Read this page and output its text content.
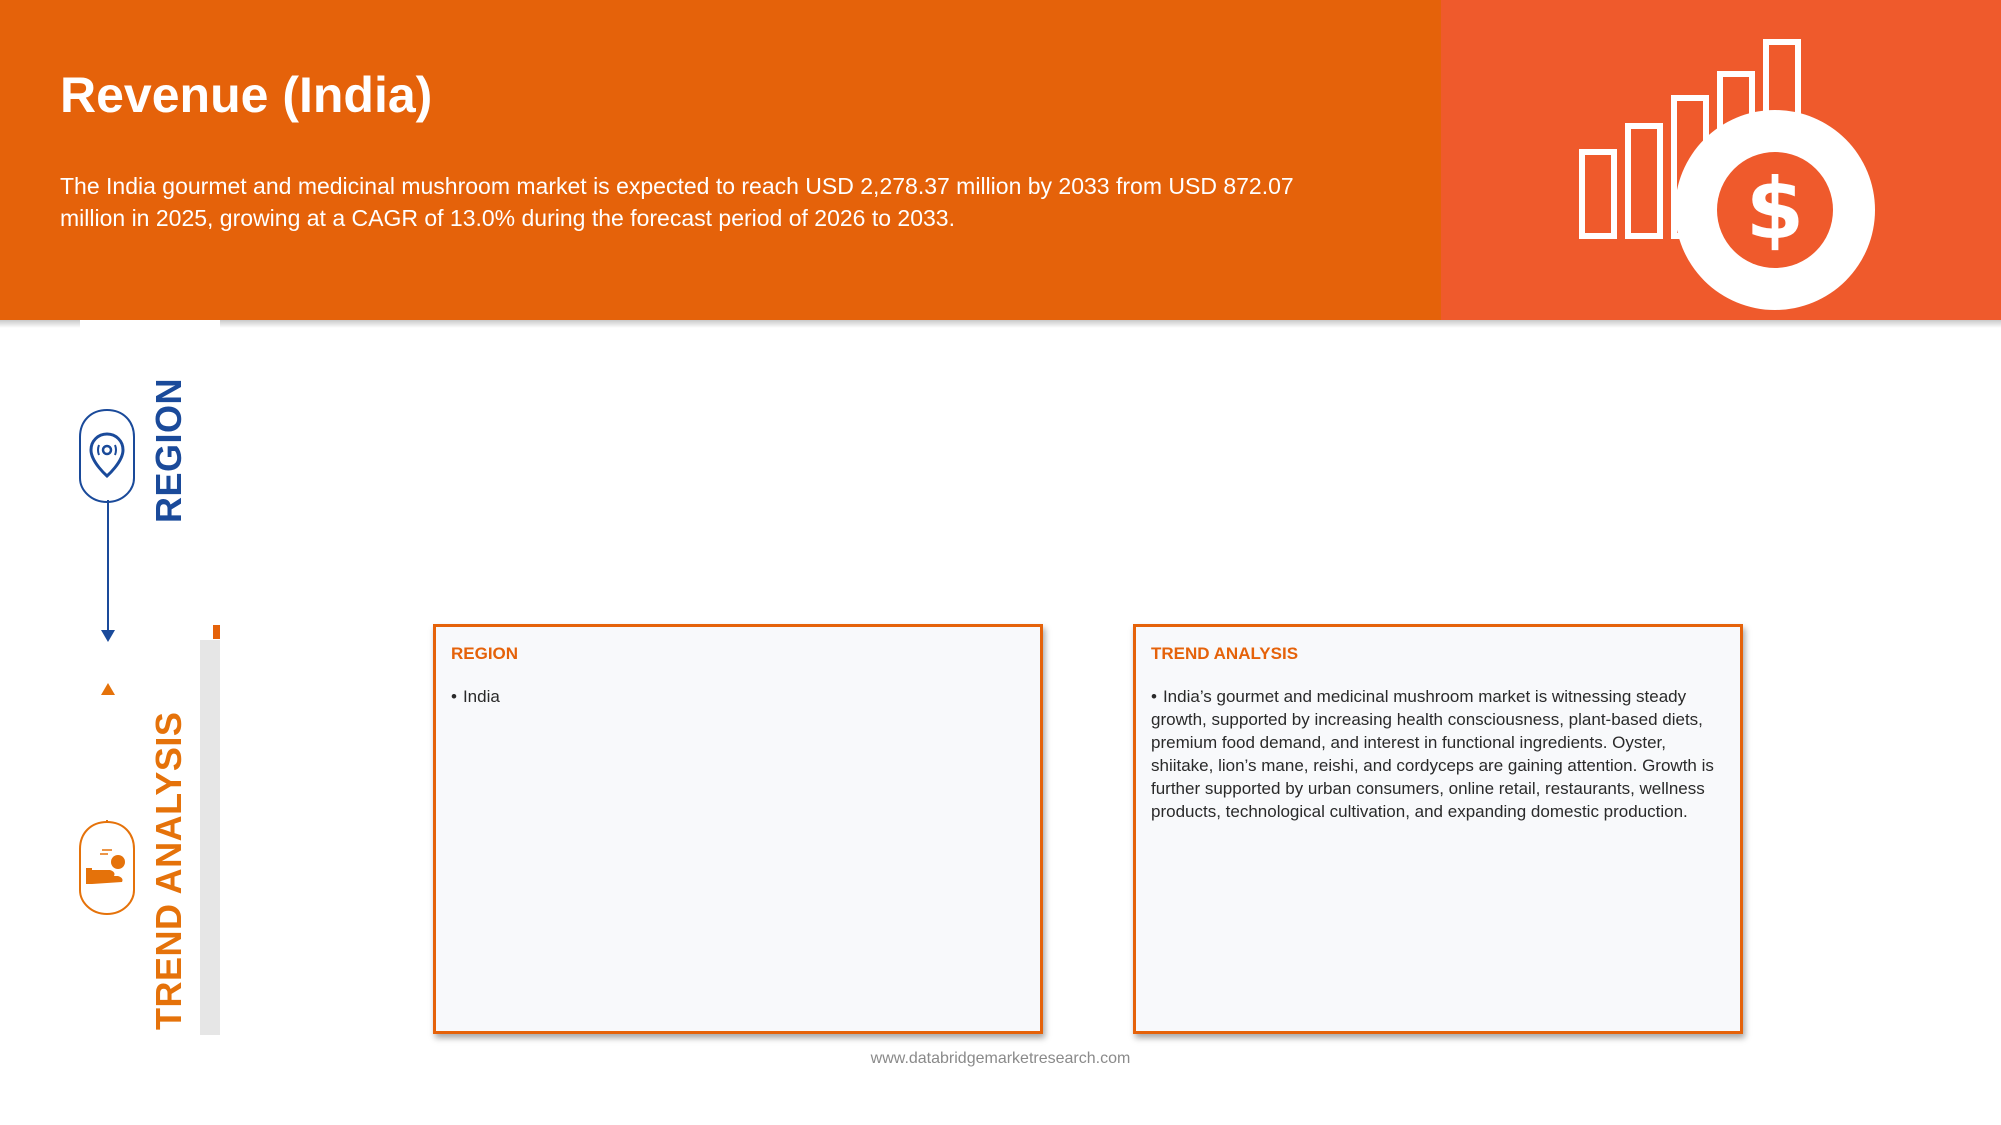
Revenue (India)
The India gourmet and medicinal mushroom market is expected to reach USD 2,278.37 million by 2033 from USD 872.07 million in 2025, growing at a CAGR of 13.0% during the forecast period of 2026 to 2033.	$
REGION
TREND ANALYSIS
REGION
• India
TREND ANALYSIS
• India’s gourmet and medicinal mushroom market is witnessing steady growth, supported by increasing health consciousness, plant-based diets, premium food demand, and interest in functional ingredients. Oyster, shiitake, lion’s mane, reishi, and cordyceps are gaining attention. Growth is further supported by urban consumers, online retail, restaurants, wellness products, technological cultivation, and expanding domestic production.
www.databridgemarketresearch.com
